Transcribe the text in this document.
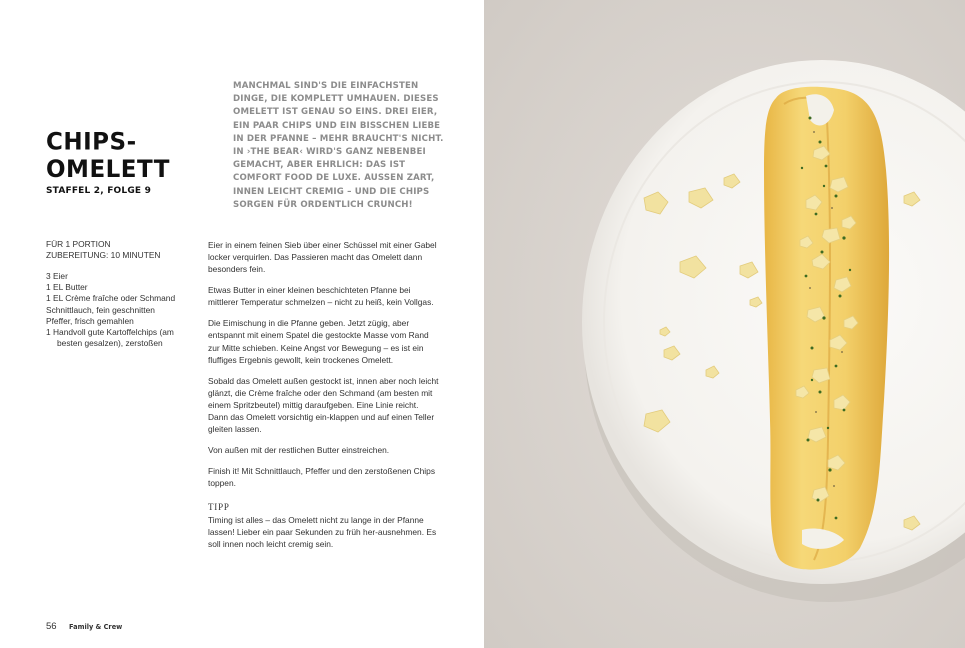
CHIPS-
OMELETT
STAFFEL 2, FOLGE 9
MANCHMAL SIND'S DIE EINFACHSTEN DINGE, DIE KOMPLETT UMHAUEN. DIESES OMELETT IST GENAU SO EINS. DREI EIER, EIN PAAR CHIPS UND EIN BISSCHEN LIEBE IN DER PFANNE – MEHR BRAUCHT'S NICHT. IN ›THE BEAR‹ WIRD'S GANZ NEBENBEI GEMACHT, ABER EHRLICH: DAS IST COMFORT FOOD DE LUXE. AUSSEN ZART, INNEN LEICHT CREMIG – UND DIE CHIPS SORGEN FÜR ORDENTLICH CRUNCH!
FÜR 1 PORTION
ZUBEREITUNG: 10 MINUTEN
3 Eier
1 EL Butter
1 EL Crème fraîche oder Schmand
Schnittlauch, fein geschnitten
Pfeffer, frisch gemahlen
1 Handvoll gute Kartoffelchips (am besten gesalzen), zerstoßen

Eier in einem feinen Sieb über einer Schüssel mit einer Gabel locker verquirlen. Das Passieren macht das Omelett dann besonders fein.

Etwas Butter in einer kleinen beschichteten Pfanne bei mittlerer Temperatur schmelzen – nicht zu heiß, kein Vollgas.

Die Eimischung in die Pfanne geben. Jetzt zügig, aber entspannt mit einem Spatel die gestockte Masse vom Rand zur Mitte schieben. Keine Angst vor Bewegung – es ist ein fluffiges Ergebnis gewollt, kein trockenes Omelett.

Sobald das Omelett außen gestockt ist, innen aber noch leicht glänzt, die Crème fraîche oder den Schmand (am besten mit einem Spritzbeutel) mittig daraufgeben. Eine Linie reicht. Dann das Omelett vorsichtig ein-klappen und auf einen Teller gleiten lassen.

Von außen mit der restlichen Butter einstreichen.

Finish it! Mit Schnittlauch, Pfeffer und den zerstoßenen Chips toppen.

TIPP
Timing ist alles – das Omelett nicht zu lange in der Pfanne lassen! Lieber ein paar Sekunden zu früh her-ausnehmen. Es soll innen noch leicht cremig sein.
56 Family & Crew
